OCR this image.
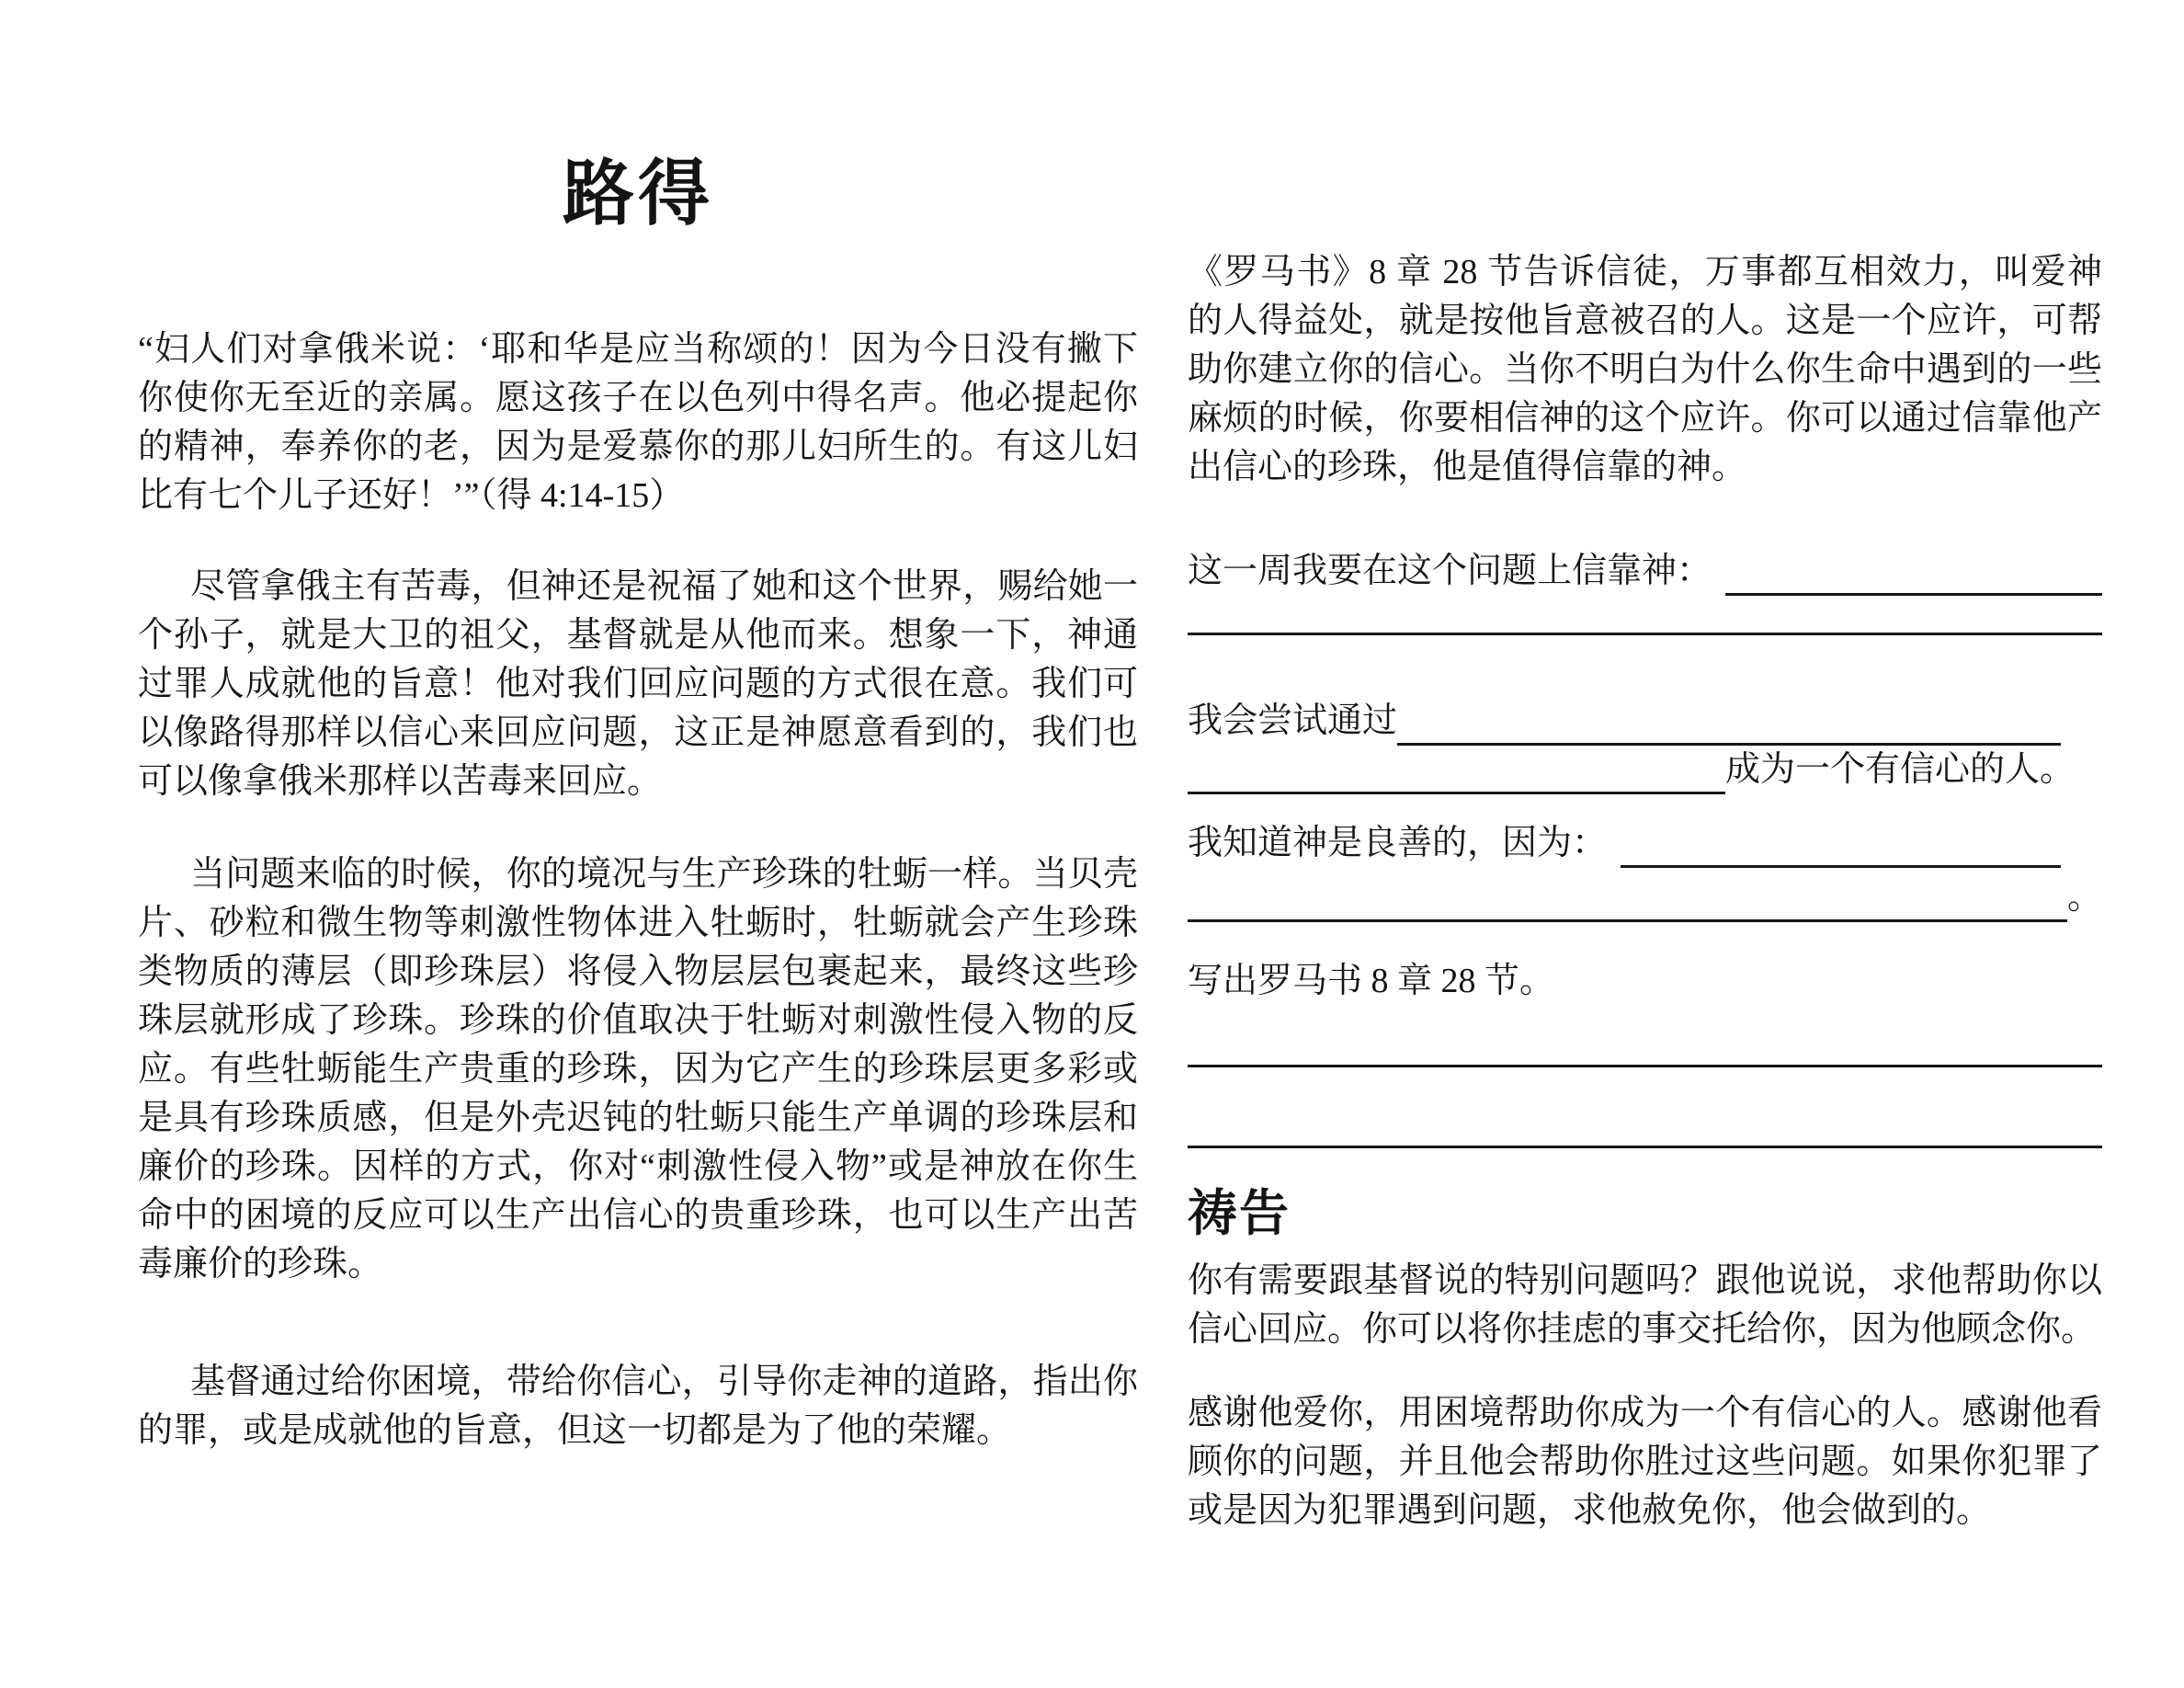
路得

“妇人们对拿俄米说：‘耶和华是应当称颂的！因为今日没有撇下你使你无至近的亲属。愿这孩子在以色列中得名声。他必提起你的精神，奉养你的老，因为是爱慕你的那儿妇所生的。有这儿妇比有七个儿子还好！’”（得 4:14-15）

尽管拿俄主有苦毒，但神还是祝福了她和这个世界，赐给她一个孙子，就是大卫的祖父，基督就是从他而来。想象一下，神通过罪人成就他的旨意！他对我们回应问题的方式很在意。我们可以像路得那样以信心来回应问题，这正是神愿意看到的，我们也可以像拿俄米那样以苦毒来回应。

当问题来临的时候，你的境况与生产珍珠的牡蛎一样。当贝壳片、砂粒和微生物等刺激性物体进入牡蛎时，牡蛎就会产生珍珠类物质的薄层（即珍珠层）将侵入物层层包裹起来，最终这些珍珠层就形成了珍珠。珍珠的价值取决于牡蛎对刺激性侵入物的反应。有些牡蛎能生产贵重的珍珠，因为它产生的珍珠层更多彩或是具有珍珠质感，但是外壳迟钝的牡蛎只能生产单调的珍珠层和廉价的珍珠。因样的方式，你对“刺激性侵入物”或是神放在你生命中的困境的反应可以生产出信心的贵重珍珠，也可以生产出苦毒廉价的珍珠。

基督通过给你困境，带给你信心，引导你走神的道路，指出你的罪，或是成就他的旨意，但这一切都是为了他的荣耀。

《罗马书》8 章 28 节告诉信徒，万事都互相效力，叫爱神的人得益处，就是按他旨意被召的人。这是一个应许，可帮助你建立你的信心。当你不明白为什么你生命中遇到的一些麻烦的时候，你要相信神的这个应许。你可以通过信靠他产出信心的珍珠，他是值得信靠的神。

这一周我要在这个问题上信靠神：
我会尝试通过
成为一个有信心的人。
我知道神是良善的，因为：
。

写出罗马书 8 章 28 节。

祷告

你有需要跟基督说的特别问题吗？跟他说说，求他帮助你以信心回应。你可以将你挂虑的事交托给你，因为他顾念你。

感谢他爱你，用困境帮助你成为一个有信心的人。感谢他看顾你的问题，并且他会帮助你胜过这些问题。如果你犯罪了或是因为犯罪遇到问题，求他赦免你，他会做到的。
